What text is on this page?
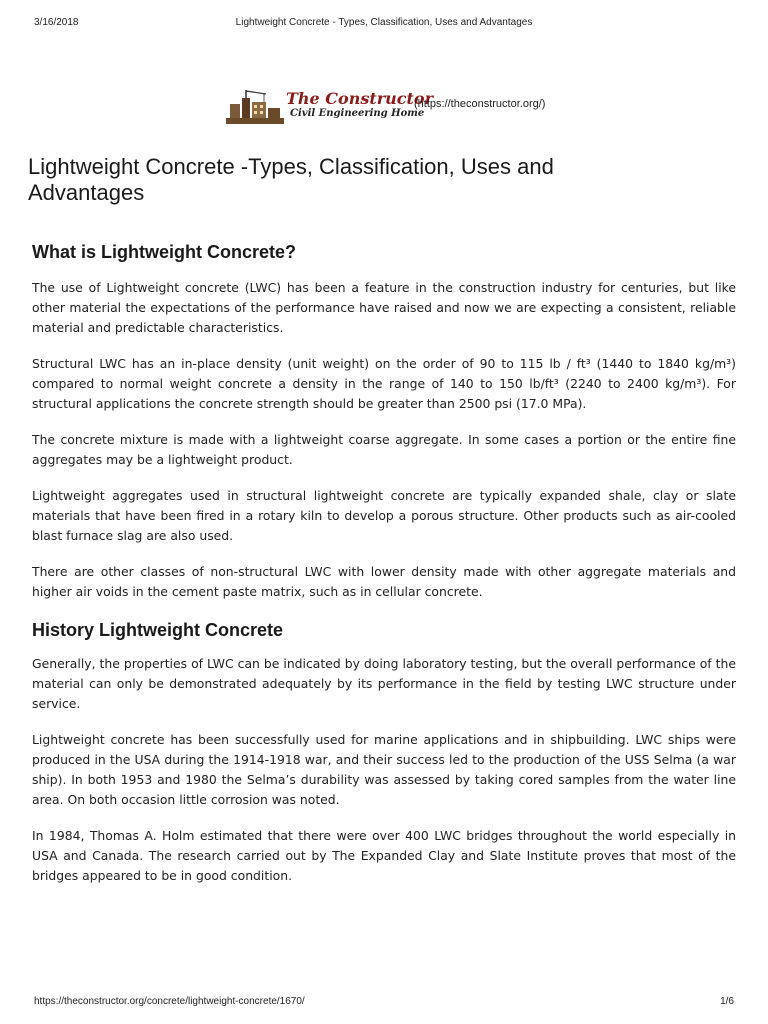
3/16/2018	Lightweight Concrete - Types, Classification, Uses and Advantages
The Constructor
Civil Engineering Home
(https://theconstructor.org/)
Lightweight Concrete -Types, Classification, Uses and Advantages
What is Lightweight Concrete?

The use of Lightweight concrete (LWC) has been a feature in the construction industry for centuries, but like other material the expectations of the performance have raised and now we are expecting a consistent, reliable material and predictable characteristics.

Structural LWC has an in-place density (unit weight) on the order of 90 to 115 lb / ft³ (1440 to 1840 kg/m³) compared to normal weight concrete a density in the range of 140 to 150 lb/ft³ (2240 to 2400 kg/m³). For structural applications the concrete strength should be greater than 2500 psi (17.0 MPa).

The concrete mixture is made with a lightweight coarse aggregate. In some cases a portion or the entire fine aggregates may be a lightweight product.

Lightweight aggregates used in structural lightweight concrete are typically expanded shale, clay or slate materials that have been fired in a rotary kiln to develop a porous structure. Other products such as air-cooled blast furnace slag are also used.

There are other classes of non-structural LWC with lower density made with other aggregate materials and higher air voids in the cement paste matrix, such as in cellular concrete.

History Lightweight Concrete

Generally, the properties of LWC can be indicated by doing laboratory testing, but the overall performance of the material can only be demonstrated adequately by its performance in the field by testing LWC structure under service.

Lightweight concrete has been successfully used for marine applications and in shipbuilding. LWC ships were produced in the USA during the 1914-1918 war, and their success led to the production of the USS Selma (a war ship). In both 1953 and 1980 the Selma’s durability was assessed by taking cored samples from the water line area. On both occasion little corrosion was noted.

In 1984, Thomas A. Holm estimated that there were over 400 LWC bridges throughout the world especially in USA and Canada. The research carried out by The Expanded Clay and Slate Institute proves that most of the bridges appeared to be in good condition.

https://theconstructor.org/concrete/lightweight-concrete/1670/	1/6
